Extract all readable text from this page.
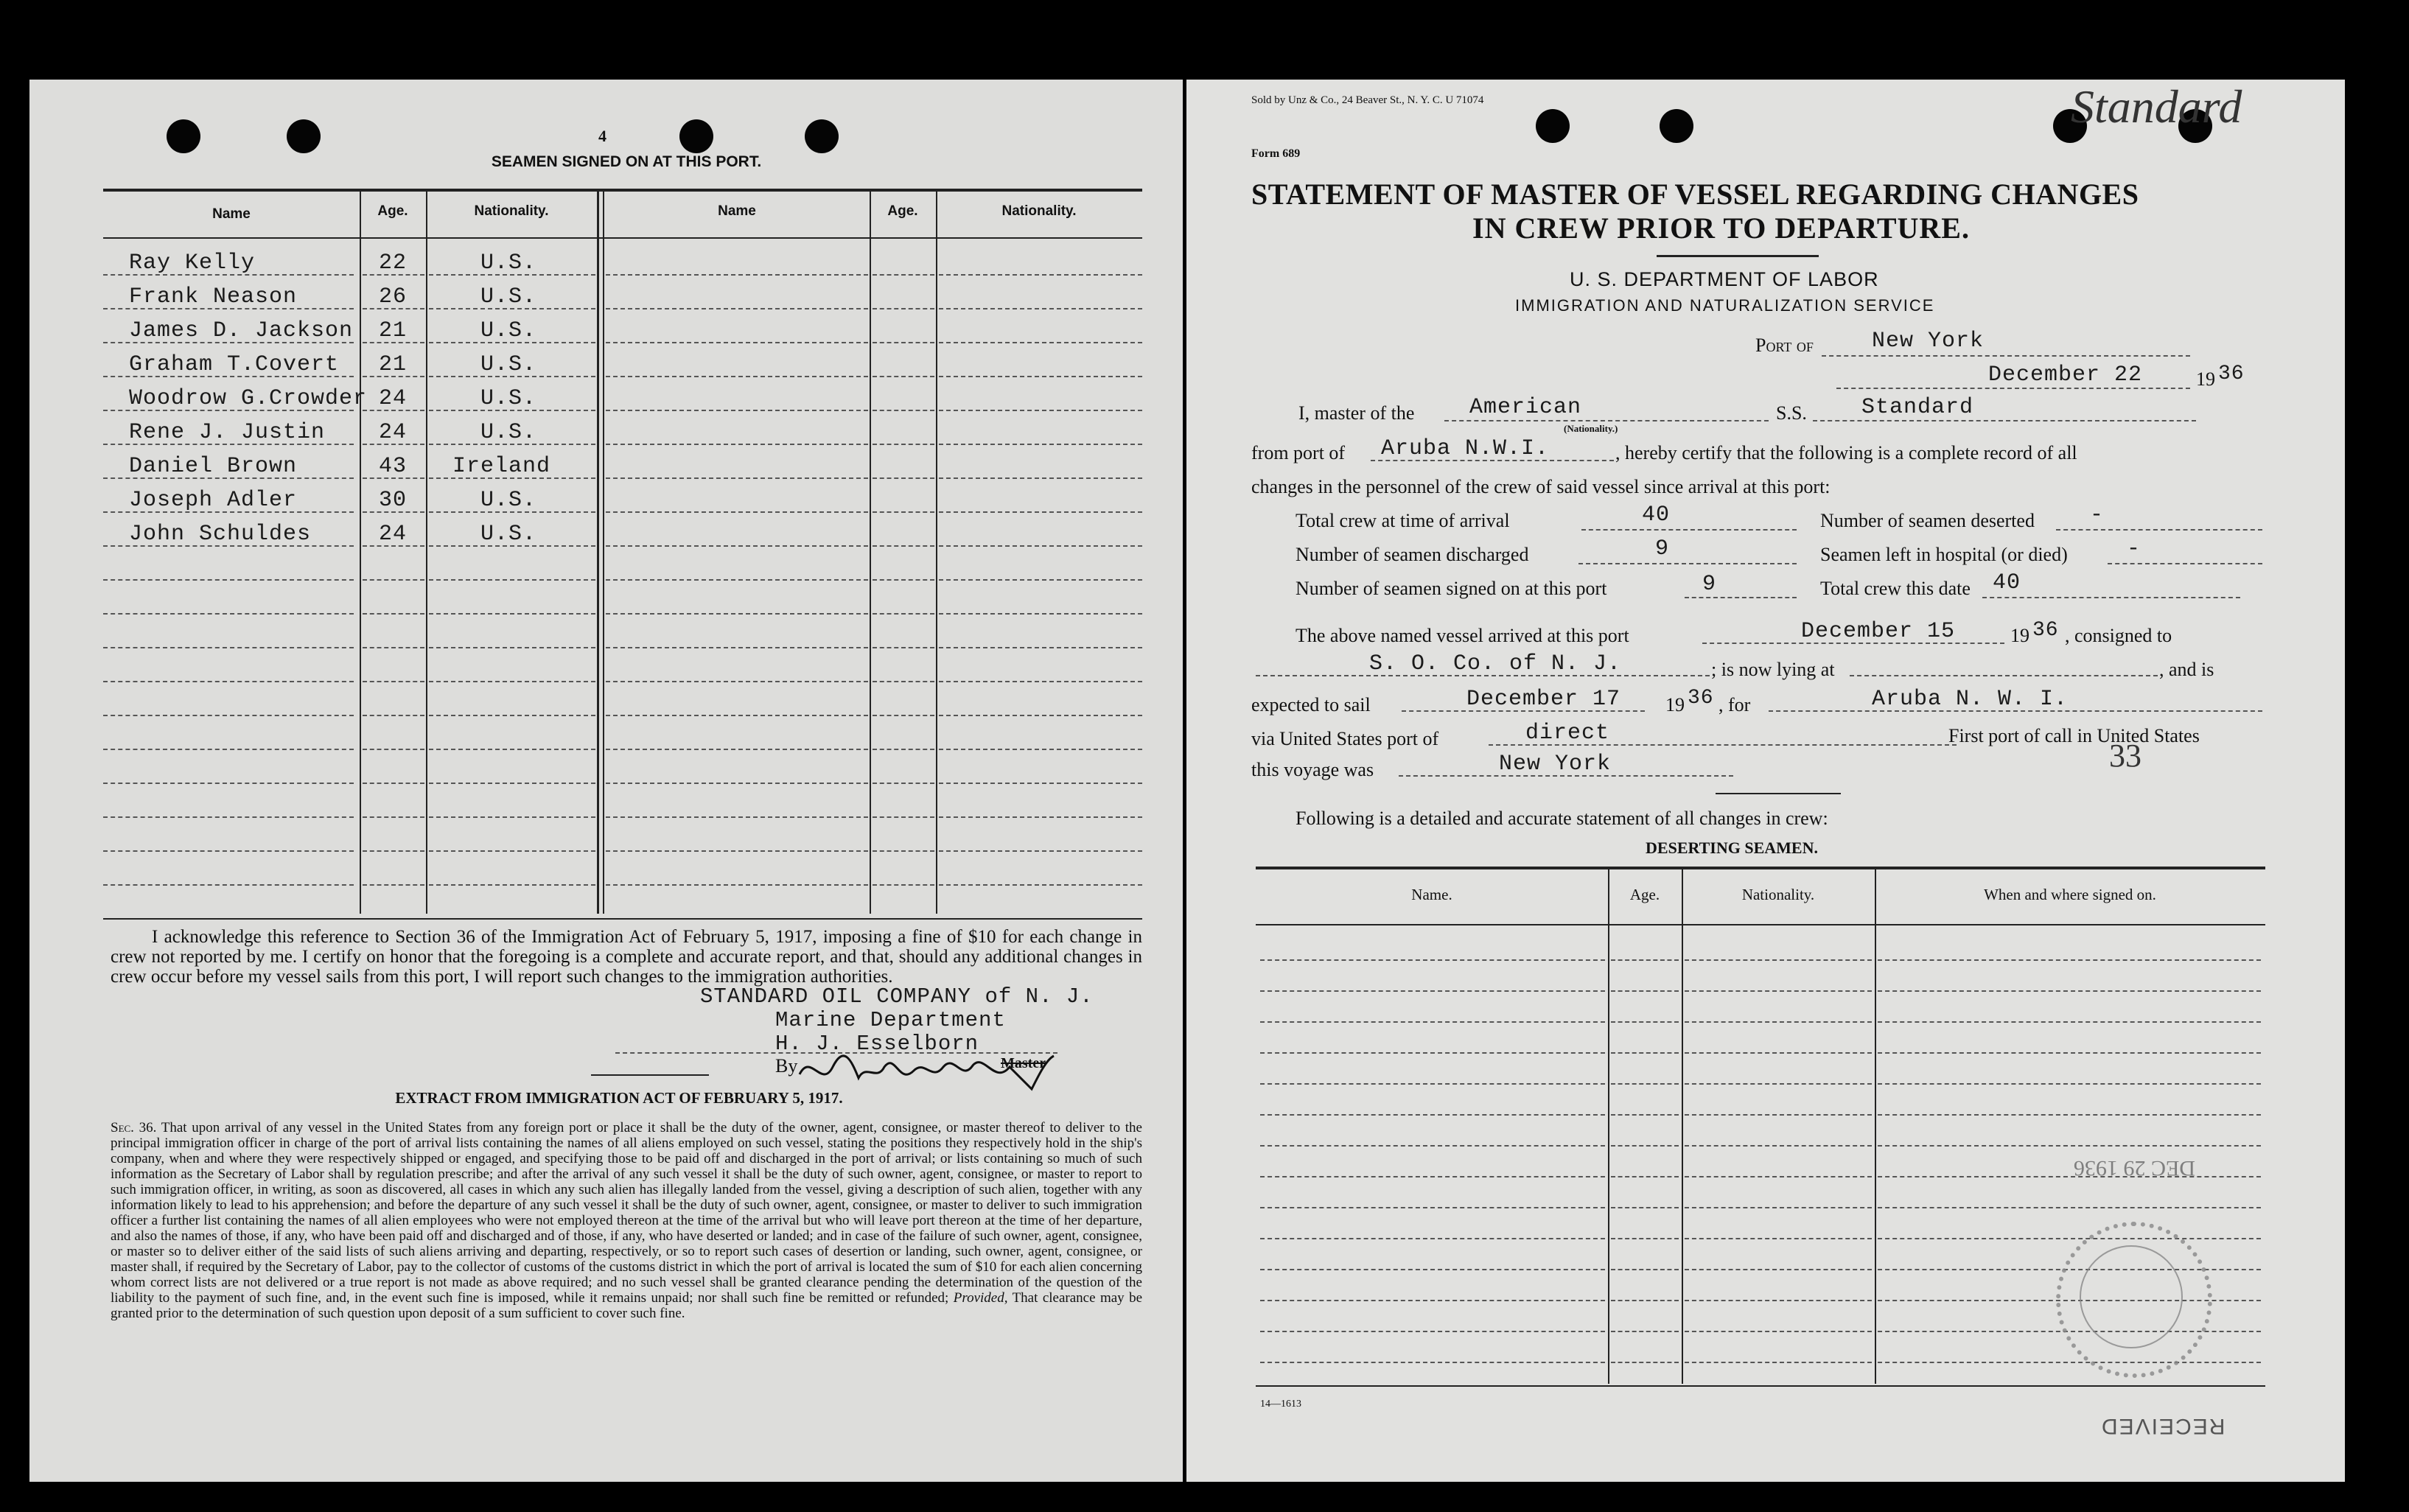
4
SEAMEN SIGNED ON AT THIS PORT.
Name	Age.	Nationality.	Name	Age.	Nationality.
Ray Kelly	22	U.S.
Frank Neason	26	U.S.
James D. Jackson 21	U.S.
Graham T.Covert 21	U.S.
Woodrow G.Crowder 24	U.S.
Rene J. Justin 24	U.S.
Daniel Brown	43 Ireland
Joseph Adler	30	U.S.
John Schuldes	24	U.S.
I acknowledge this reference to Section 36 of the Immigration Act of February 5, 1917, imposing a fine of $10 for each change in crew not reported by me. I certify on honor that the foregoing is a complete and accurate report, and that, should any additional changes in crew occur before my vessel sails from this port, I will report such changes to the immigration authorities.
STANDARD OIL COMPANY of N. J.
Marine Department
H. J. Esselborn
By	Master
EXTRACT FROM IMMIGRATION ACT OF FEBRUARY 5, 1917.
Sec. 36. That upon arrival of any vessel in the United States from any foreign port or place it shall be the duty of the owner, agent, consignee, or master thereof to deliver to the principal immigration officer in charge of the port of arrival lists containing the names of all aliens employed on such vessel, stating the positions they respectively hold in the ship's company, when and where they were respectively shipped or engaged, and specifying those to be paid off and discharged in the port of arrival; or lists containing so much of such information as the Secretary of Labor shall by regulation prescribe; and after the arrival of any such vessel it shall be the duty of such owner, agent, consignee, or master to report to such immigration officer, in writing, as soon as discovered, all cases in which any such alien has illegally landed from the vessel, giving a description of such alien, together with any information likely to lead to his apprehension; and before the departure of any such vessel it shall be the duty of such owner, agent, consignee, or master to deliver to such immigration officer a further list containing the names of all alien employees who were not employed thereon at the time of the arrival but who will leave port thereon at the time of her departure, and also the names of those, if any, who have been paid off and discharged and of those, if any, who have deserted or landed; and in case of the failure of such owner, agent, consignee, or master so to deliver either of the said lists of such aliens arriving and departing, respectively, or so to report such cases of desertion or landing, such owner, agent, consignee, or master shall, if required by the Secretary of Labor, pay to the collector of customs of the customs district in which the port of arrival is located the sum of $10 for each alien concerning whom correct lists are not delivered or a true report is not made as above required; and no such vessel shall be granted clearance pending the determination of the question of the liability to the payment of such fine, and, in the event such fine is imposed, while it remains unpaid; nor shall such fine be remitted or refunded; Provided, That clearance may be granted prior to the determination of such question upon deposit of a sum sufficient to cover such fine.
Sold by Unz & Co., 24 Beaver St., N. Y. C. U 71074	Standard
Form 689
STATEMENT OF MASTER OF VESSEL REGARDING CHANGES
IN CREW PRIOR TO DEPARTURE.
U. S. DEPARTMENT OF LABOR
IMMIGRATION AND NATURALIZATION SERVICE
Port of	New York
December 22	19 36
I, master of the American
(Nationality.)
S.S. Standard
from port of Aruba N.W.I.	, hereby certify that the following is a complete record of all
changes in the personnel of the crew of said vessel since arrival at this port:
Total crew at time of arrival	40	Number of seamen deserted	-
Number of seamen discharged	9	Seamen left in hospital (or died)	-
Number of seamen signed on at this port	9	Total crew this date 40
The above named vessel arrived at this port	December 15	19 36 , consigned to
S. O. Co. of N. J.	; is now lying at	, and is
expected to sail	December 17 19 36 , for	Aruba N. W. I.
via United States port of	direct	First port of call in United States
this voyage was	New York	33
Following is a detailed and accurate statement of all changes in crew:
DESERTING SEAMEN.
Name.	Age.	Nationality.	When and where signed on.
DEC 29 1936
14—1613
RECEIVED
